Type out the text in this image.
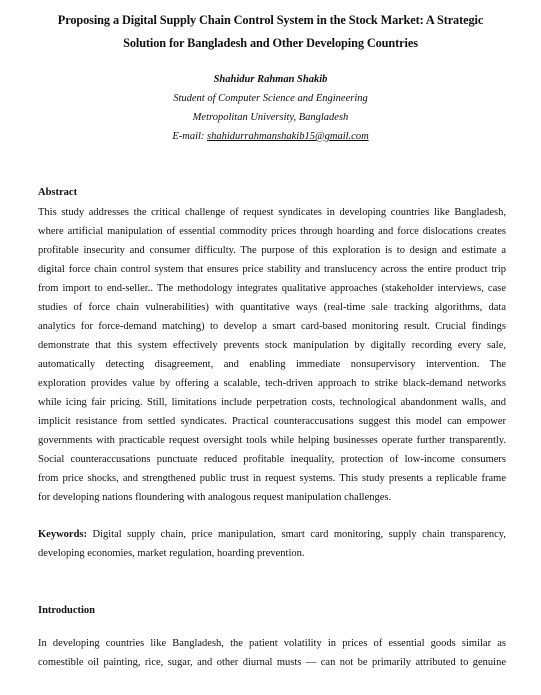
Proposing a Digital Supply Chain Control System in the Stock Market: A Strategic
Solution for Bangladesh and Other Developing Countries
Shahidur Rahman Shakib
Student of Computer Science and Engineering
Metropolitan University, Bangladesh
E-mail: shahidurrahmanshakib15@gmail.com
Abstract
This study addresses the critical challenge of request syndicates in developing countries like Bangladesh,
where artificial manipulation of essential commodity prices through hoarding and force dislocations creates
profitable insecurity and consumer difficulty. The purpose of this exploration is to design and estimate a
digital force chain control system that ensures price stability and translucency across the entire product trip
from import to end-seller.. The methodology integrates qualitative approaches (stakeholder interviews, case
studies of force chain vulnerabilities) with quantitative ways (real-time sale tracking algorithms, data
analytics for force-demand matching) to develop a smart card-based monitoring result. Crucial findings
demonstrate that this system effectively prevents stock manipulation by digitally recording every sale,
automatically detecting disagreement, and enabling immediate nonsupervisory intervention. The
exploration provides value by offering a scalable, tech-driven approach to strike black-demand networks
while icing fair pricing. Still, limitations include perpetration costs, technological abandonment walls, and
implicit resistance from settled syndicates. Practical counteraccusations suggest this model can empower
governments with practicable request oversight tools while helping businesses operate further transparently.
Social counteraccusations punctuate reduced profitable inequality, protection of low-income consumers
from price shocks, and strengthened public trust in request systems. This study presents a replicable frame
for developing nations floundering with analogous request manipulation challenges.
Keywords: Digital supply chain, price manipulation, smart card monitoring, supply chain transparency,
developing economies, market regulation, hoarding prevention.
Introduction
In developing countries like Bangladesh, the patient volatility in prices of essential goods similar as
comestible oil painting, rice, sugar, and other diurnal musts — can not be primarily attributed to genuine
